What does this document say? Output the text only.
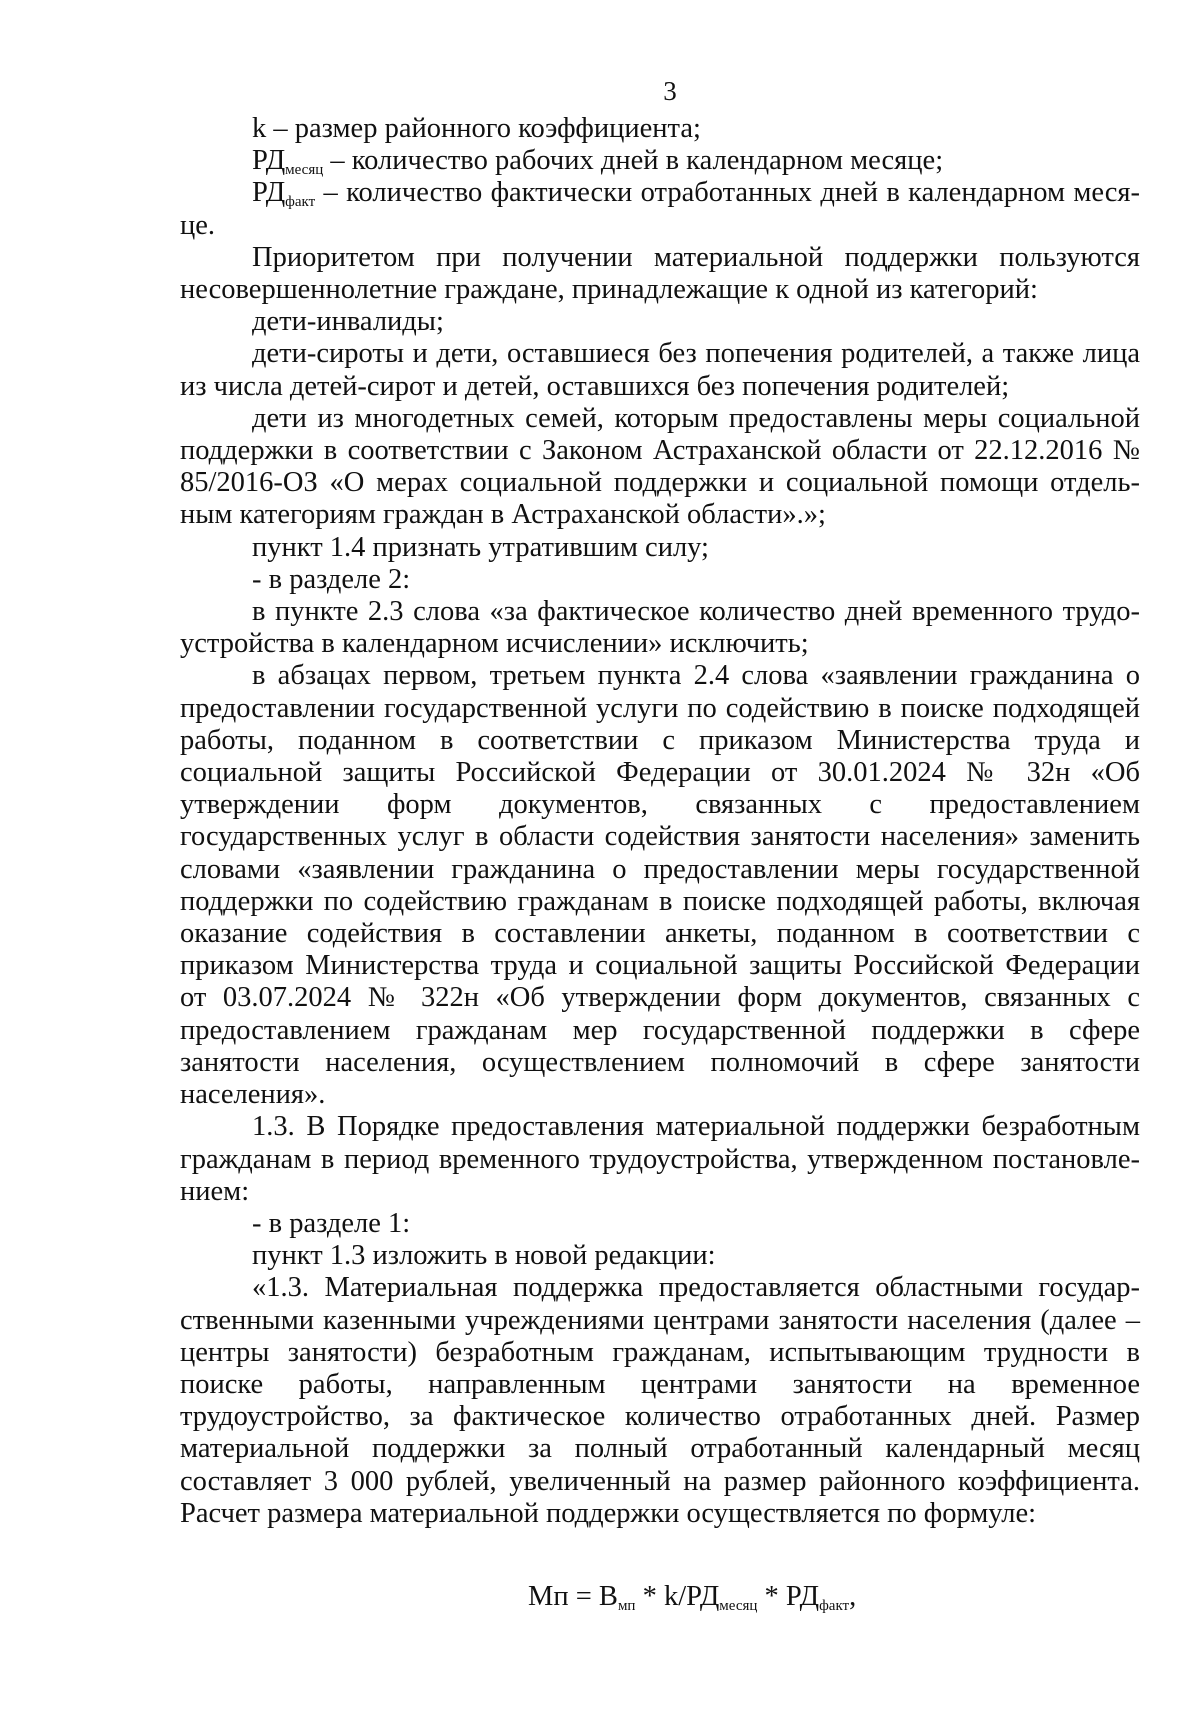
3

k – размер районного коэффициента;

$РД_{месяц}$ – количество рабочих дней в календарном месяце;

$РД_{факт}$ – количество фактически отработанных дней в календарном месяце.

Приоритетом при получении материальной поддержки пользуются несовершеннолетние граждане, принадлежащие к одной из категорий:

дети-инвалиды;

дети-сироты и дети, оставшиеся без попечения родителей, а также лица из числа детей-сирот и детей, оставшихся без попечения родителей;

дети из многодетных семей, которым предоставлены меры социальной поддержки в соответствии с Законом Астраханской области от 22.12.2016 № 85/2016-ОЗ «О мерах социальной поддержки и социальной помощи отдельным категориям граждан в Астраханской области».»;

пункт 1.4 признать утратившим силу;

- в разделе 2:

в пункте 2.3 слова «за фактическое количество дней временного трудоустройства в календарном исчислении» исключить;

в абзацах первом, третьем пункта 2.4 слова «заявлении гражданина о предоставлении государственной услуги по содействию в поиске подходящей работы, поданном в соответствии с приказом Министерства труда и социальной защиты Российской Федерации от 30.01.2024 № 32н «Об утверждении форм документов, связанных с предоставлением государственных услуг в области содействия занятости населения» заменить словами «заявлении гражданина о предоставлении меры государственной поддержки по содействию гражданам в поиске подходящей работы, включая оказание содействия в составлении анкеты, поданном в соответствии с приказом Министерства труда и социальной защиты Российской Федерации от 03.07.2024 № 322н «Об утверждении форм документов, связанных с предоставлением гражданам мер государственной поддержки в сфере занятости населения, осуществлением полномочий в сфере занятости населения».

1.3. В Порядке предоставления материальной поддержки безработным гражданам в период временного трудоустройства, утвержденном постановлением:

- в разделе 1:

пункт 1.3 изложить в новой редакции:

«1.3. Материальная поддержка предоставляется областными государственными казенными учреждениями центрами занятости населения (далее – центры занятости) безработным гражданам, испытывающим трудности в поиске работы, направленным центрами занятости на временное трудоустройство, за фактическое количество отработанных дней. Размер материальной поддержки за полный отработанный календарный месяц составляет 3 000 рублей, увеличенный на размер районного коэффициента. Расчет размера материальной поддержки осуществляется по формуле:

Мп = $В_{мп} * k/РД_{месяц} * РД_{факт}$,
